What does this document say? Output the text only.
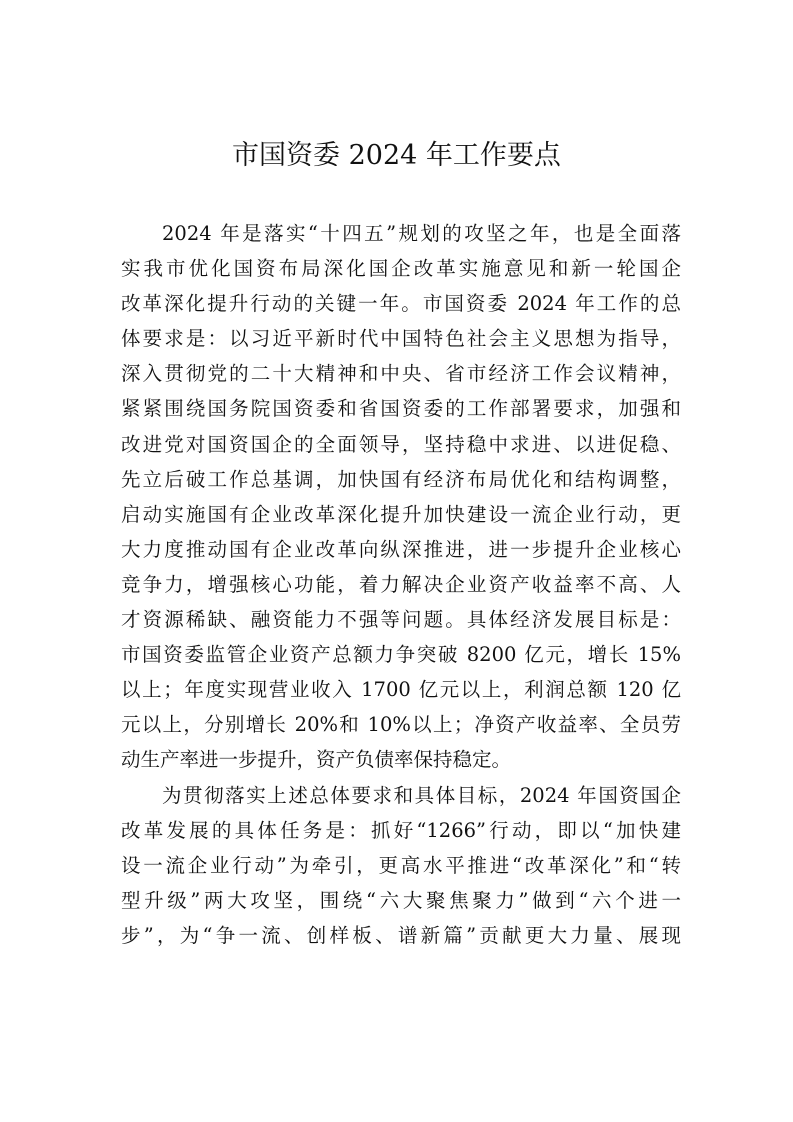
市国资委 2024 年工作要点
2024 年是落实“十四五”规划的攻坚之年，也是全面落
实我市优化国资布局深化国企改革实施意见和新一轮国企
改革深化提升行动的关键一年。市国资委 2024 年工作的总
体要求是：以习近平新时代中国特色社会主义思想为指导，
深入贯彻党的二十大精神和中央、省市经济工作会议精神，
紧紧围绕国务院国资委和省国资委的工作部署要求，加强和
改进党对国资国企的全面领导，坚持稳中求进、以进促稳、
先立后破工作总基调，加快国有经济布局优化和结构调整，
启动实施国有企业改革深化提升加快建设一流企业行动，更
大力度推动国有企业改革向纵深推进，进一步提升企业核心
竞争力，增强核心功能，着力解决企业资产收益率不高、人
才资源稀缺、融资能力不强等问题。具体经济发展目标是：
市国资委监管企业资产总额力争突破 8200 亿元，增长 15%
以上；年度实现营业收入 1700 亿元以上，利润总额 120 亿
元以上，分别增长 20%和 10%以上；净资产收益率、全员劳
动生产率进一步提升，资产负债率保持稳定。
为贯彻落实上述总体要求和具体目标，2024 年国资国企
改革发展的具体任务是：抓好“1266”行动，即以“加快建
设一流企业行动”为牵引，更高水平推进“改革深化”和“转
型升级”两大攻坚，围绕“六大聚焦聚力”做到“六个进一
步”，为“争一流、创样板、谱新篇”贡献更大力量、展现
